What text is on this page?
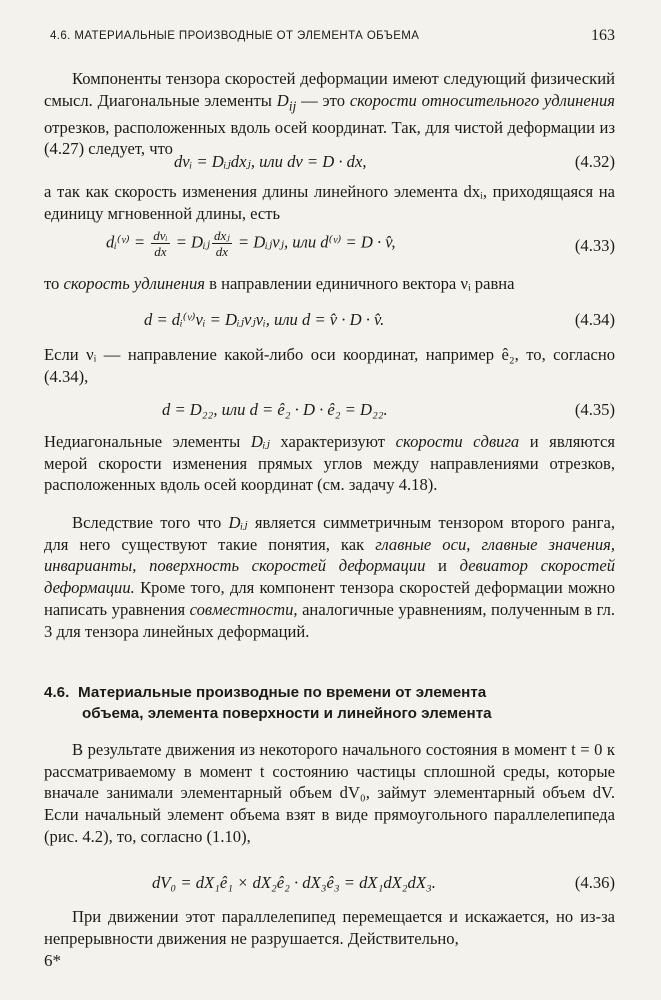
4.6. МАТЕРИАЛЬНЫЕ ПРОИЗВОДНЫЕ ОТ ЭЛЕМЕНТА ОБЪЕМА	163
Компоненты тензора скоростей деформации имеют следующий физический смысл. Диагональные элементы $D_{ij}$ — это скорости относительного удлинения отрезков, расположенных вдоль осей координат. Так, для чистой деформации из (4.27) следует, что
dvᵢ = Dᵢⱼdxⱼ, или dv = D · dx,	(4.32)
а так как скорость изменения длины линейного элемента dxᵢ, приходящаяся на единицу мгновенной длины, есть
dᵢ⁽ᵛ⁾ = $\frac{\text{dvᵢ}}{dx}$ = Dᵢⱼ $\frac{\text{dxⱼ}}{dx}$ = Dᵢⱼνⱼ, или d⁽ᵛ⁾ = D · v̂,	(4.33)
то скорость удлинения в направлении единичного вектора νᵢ равна
d = dᵢ⁽ᵛ⁾νᵢ = Dᵢⱼνⱼνᵢ, или d = v̂ · D · v̂.	(4.34)
Если νᵢ — направление какой-либо оси координат, например ê₂, то, согласно (4.34),
d = D₂₂, или d = ê₂ · D · ê₂ = D₂₂.	(4.35)
Недиагональные элементы Dᵢⱼ характеризуют скорости сдвига и являются мерой скорости изменения прямых углов между направлениями отрезков, расположенных вдоль осей координат (см. задачу 4.18).
Вследствие того что Dᵢⱼ является симметричным тензором второго ранга, для него существуют такие понятия, как главные оси, главные значения, инварианты, поверхность скоростей деформации и девиатор скоростей деформации. Кроме того, для компонент тензора скоростей деформации можно написать уравнения совместности, аналогичные уравнениям, полученным в гл. 3 для тензора линейных деформаций.
4.6. Материальные производные по времени от элемента
объема, элемента поверхности и линейного элемента
В результате движения из некоторого начального состояния в момент t = 0 к рассматриваемому в момент t состоянию частицы сплошной среды, которые вначале занимали элементарный объем dV₀, займут элементарный объем dV. Если начальный элемент объема взят в виде прямоугольного параллелепипеда (рис. 4.2), то, согласно (1.10),
dV₀ = dX₁ê₁ × dX₂ê₂ · dX₃ê₃ = dX₁dX₂dX₃.	(4.36)
При движении этот параллелепипед перемещается и искажается, но из-за непрерывности движения не разрушается. Действительно,
6*
